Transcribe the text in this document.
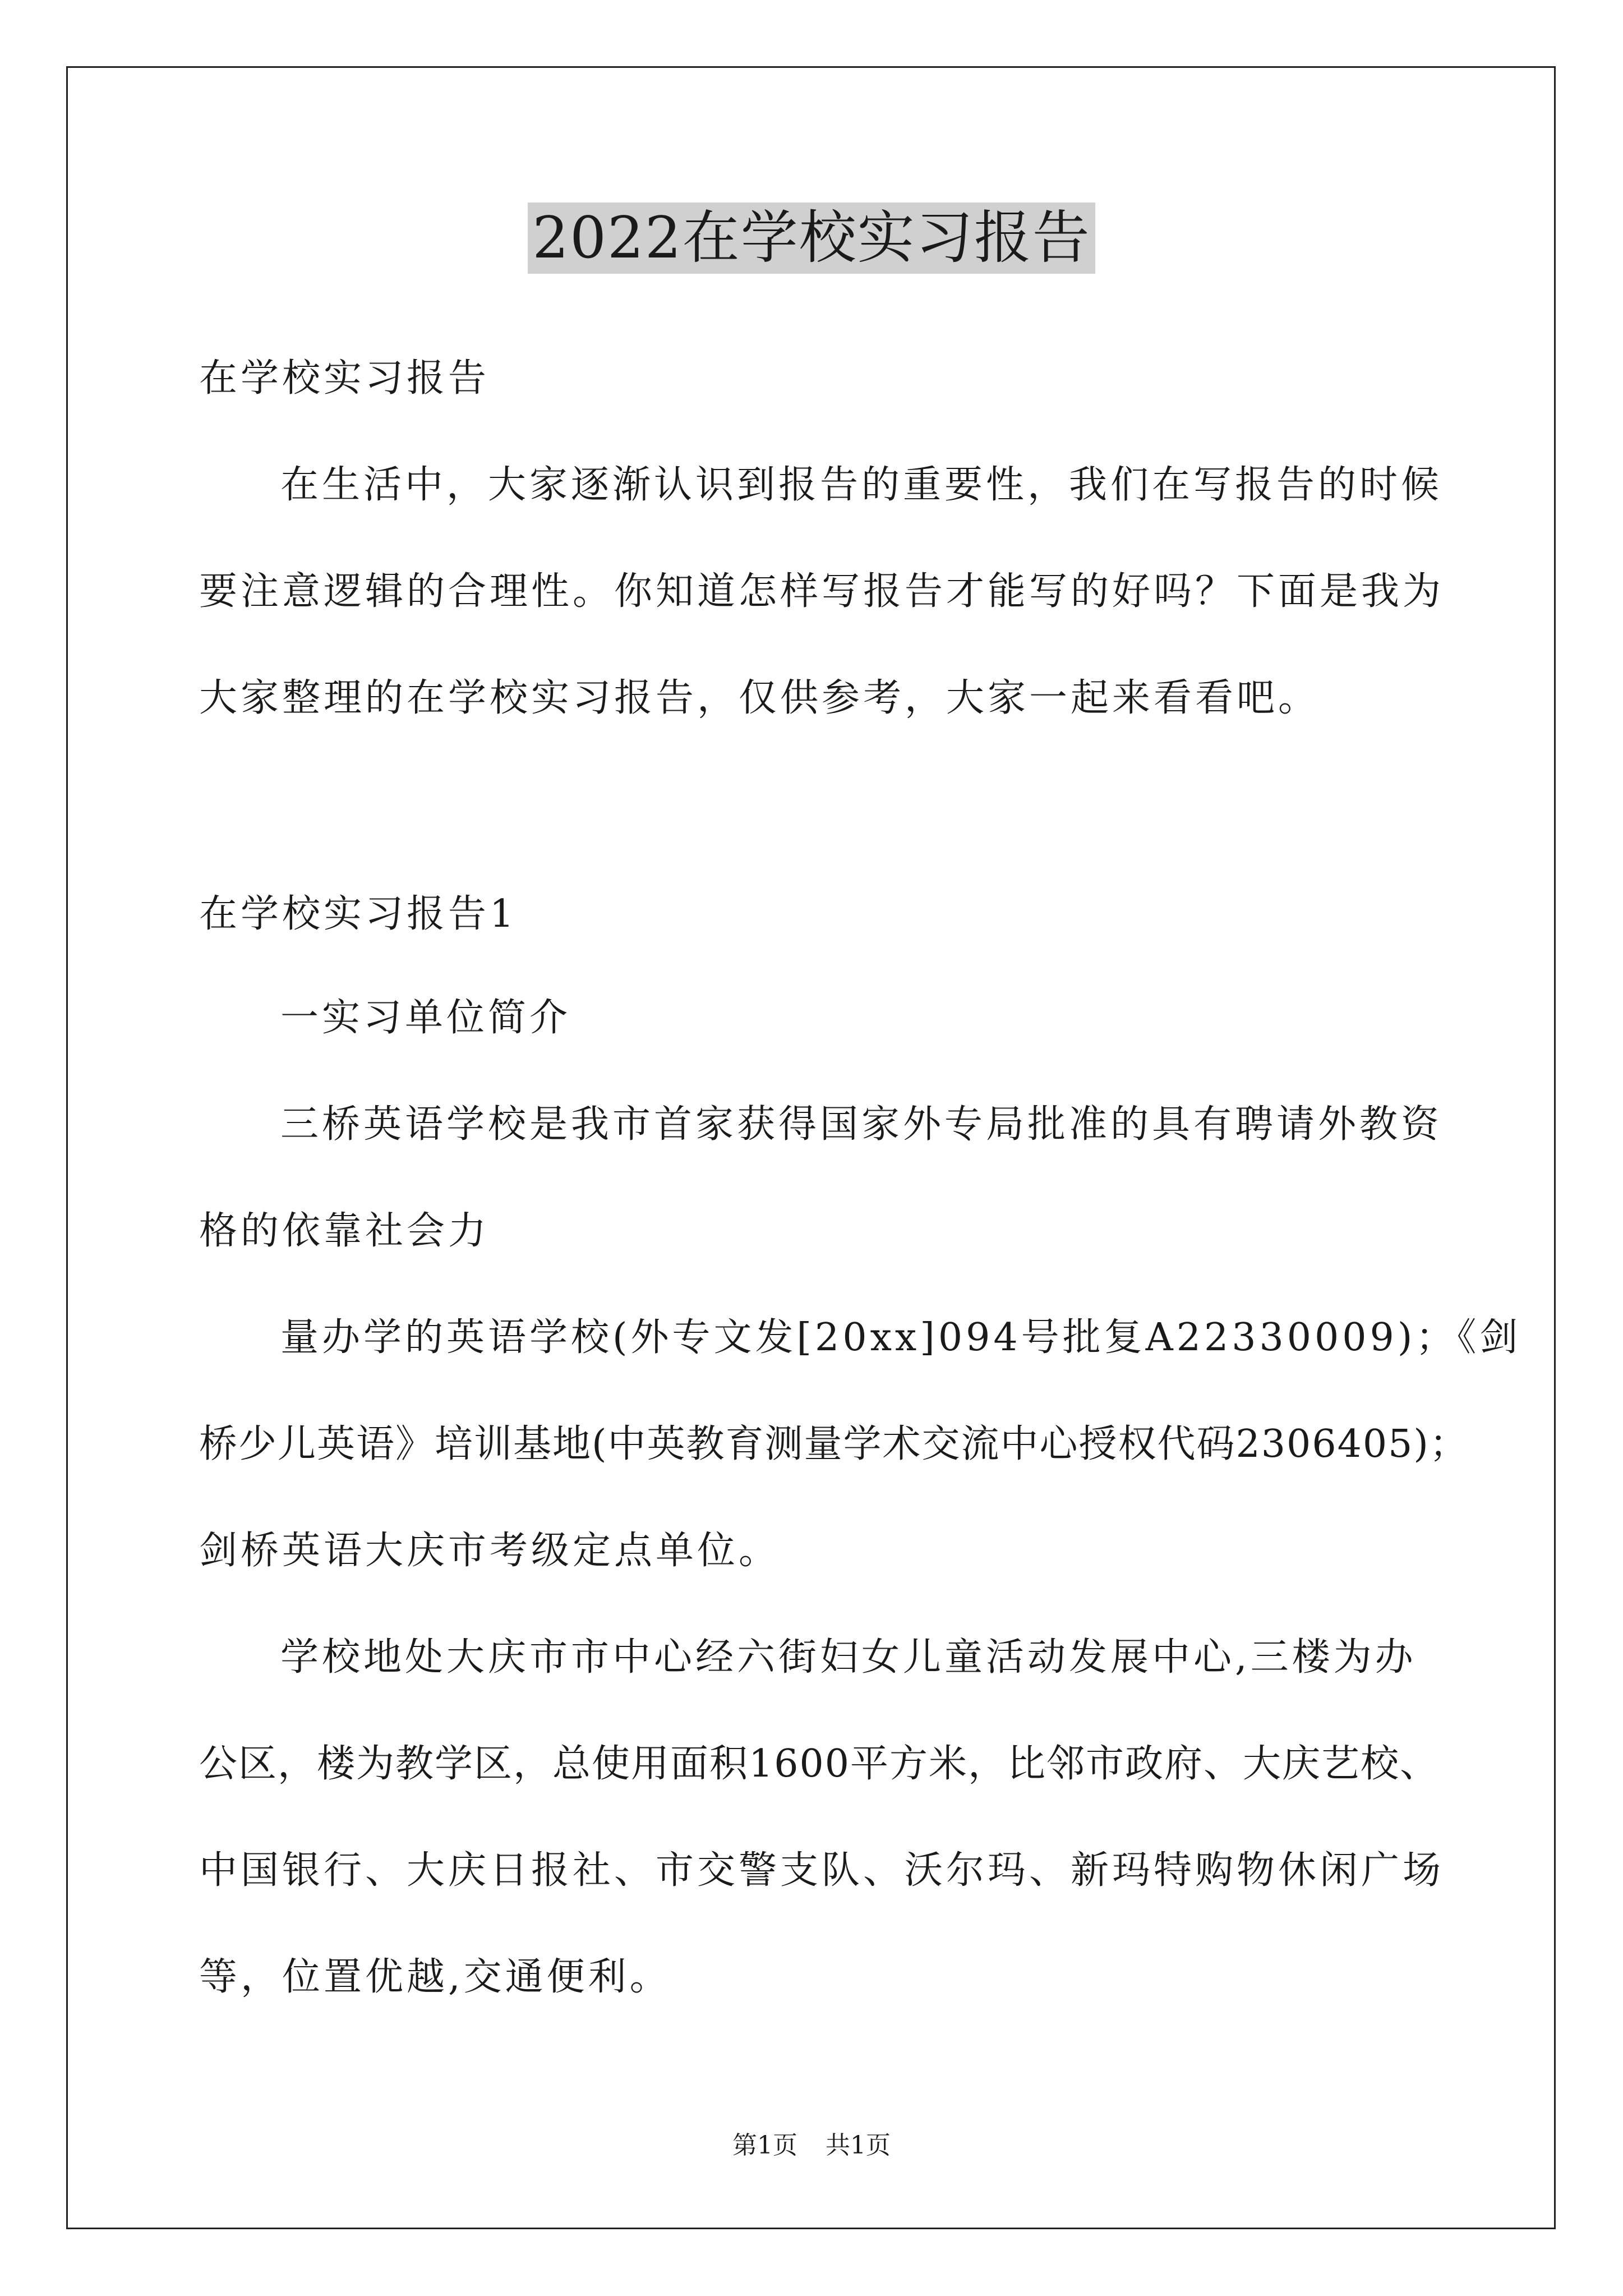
2022在学校实习报告
在学校实习报告
在生活中，大家逐渐认识到报告的重要性，我们在写报告的时候
要注意逻辑的合理性。你知道怎样写报告才能写的好吗？下面是我为
大家整理的在学校实习报告，仅供参考，大家一起来看看吧。
在学校实习报告1
一实习单位简介
三桥英语学校是我市首家获得国家外专局批准的具有聘请外教资
格的依靠社会力
量办学的英语学校(外专文发[20xx]094号批复A22330009)；《剑
桥少儿英语》培训基地(中英教育测量学术交流中心授权代码2306405)；
剑桥英语大庆市考级定点单位。
学校地处大庆市市中心经六街妇女儿童活动发展中心,三楼为办
公区，楼为教学区，总使用面积1600平方米，比邻市政府、大庆艺校、
中国银行、大庆日报社、市交警支队、沃尔玛、新玛特购物休闲广场
等，位置优越,交通便利。
第1页 共1页
